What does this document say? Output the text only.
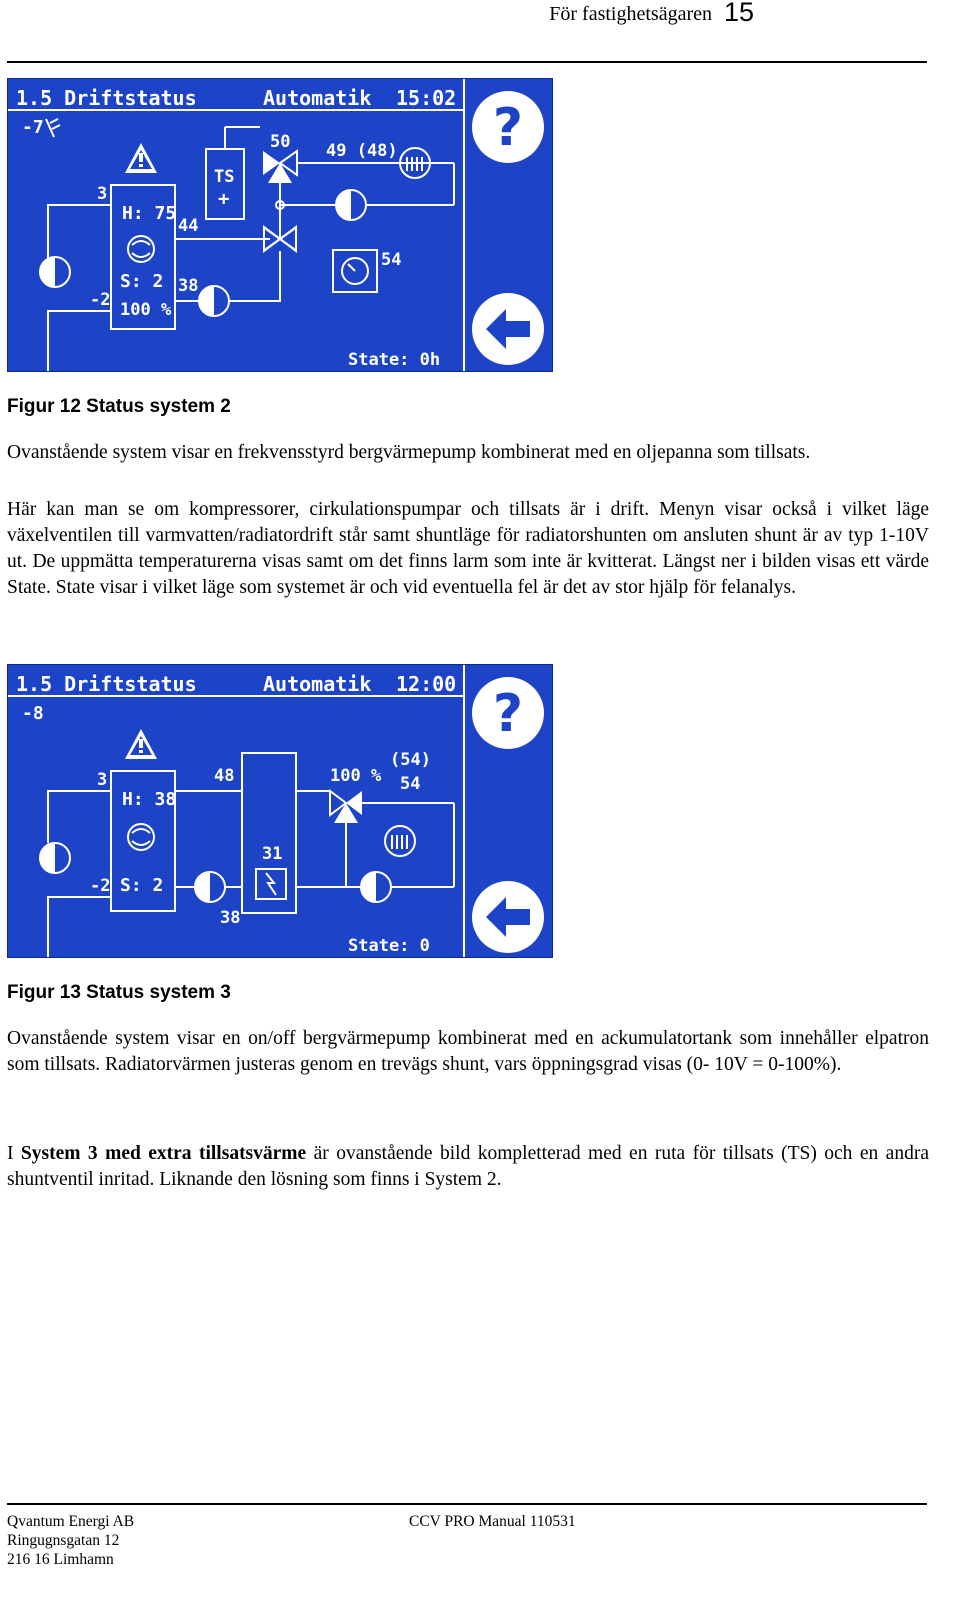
För fastighetsägaren 15
1.5 Driftstatus	Automatik 15:02
-7
H: 75
S: 2
100 %
3
-2
44
38
TS
+
50 49 (48)
54
State: 0h
?
Figur 12 Status system 2
Ovanstående system visar en frekvensstyrd bergvärmepump kombinerat med en oljepanna som tillsats.
Här kan man se om kompressorer, cirkulationspumpar och tillsats är i drift. Menyn visar också i vilket läge växelventilen till varmvatten/radiatordrift står samt shuntläge för radiatorshunten om ansluten shunt är av typ 1-10V ut. De uppmätta temperaturerna visas samt om det finns larm som inte är kvitterat. Längst ner i bilden visas ett värde State. State visar i vilket läge som systemet är och vid eventuella fel är det av stor hjälp för felanalys.
1.5 Driftstatus	Automatik 12:00
-8
H: 38
S: 2
3
-2
48
38
31
100 %
(54)
54
State: 0
?
Figur 13 Status system 3
Ovanstående system visar en on/off bergvärmepump kombinerat med en ackumulatortank som innehåller elpatron som tillsats. Radiatorvärmen justeras genom en trevägs shunt, vars öppningsgrad visas (0- 10V = 0-100%).
I System 3 med extra tillsatsvärme är ovanstående bild kompletterad med en ruta för tillsats (TS) och en andra shuntventil inritad. Liknande den lösning som finns i System 2.
Qvantum Energi AB
Ringugnsgatan 12
216 16 Limhamn
CCV PRO Manual 110531
